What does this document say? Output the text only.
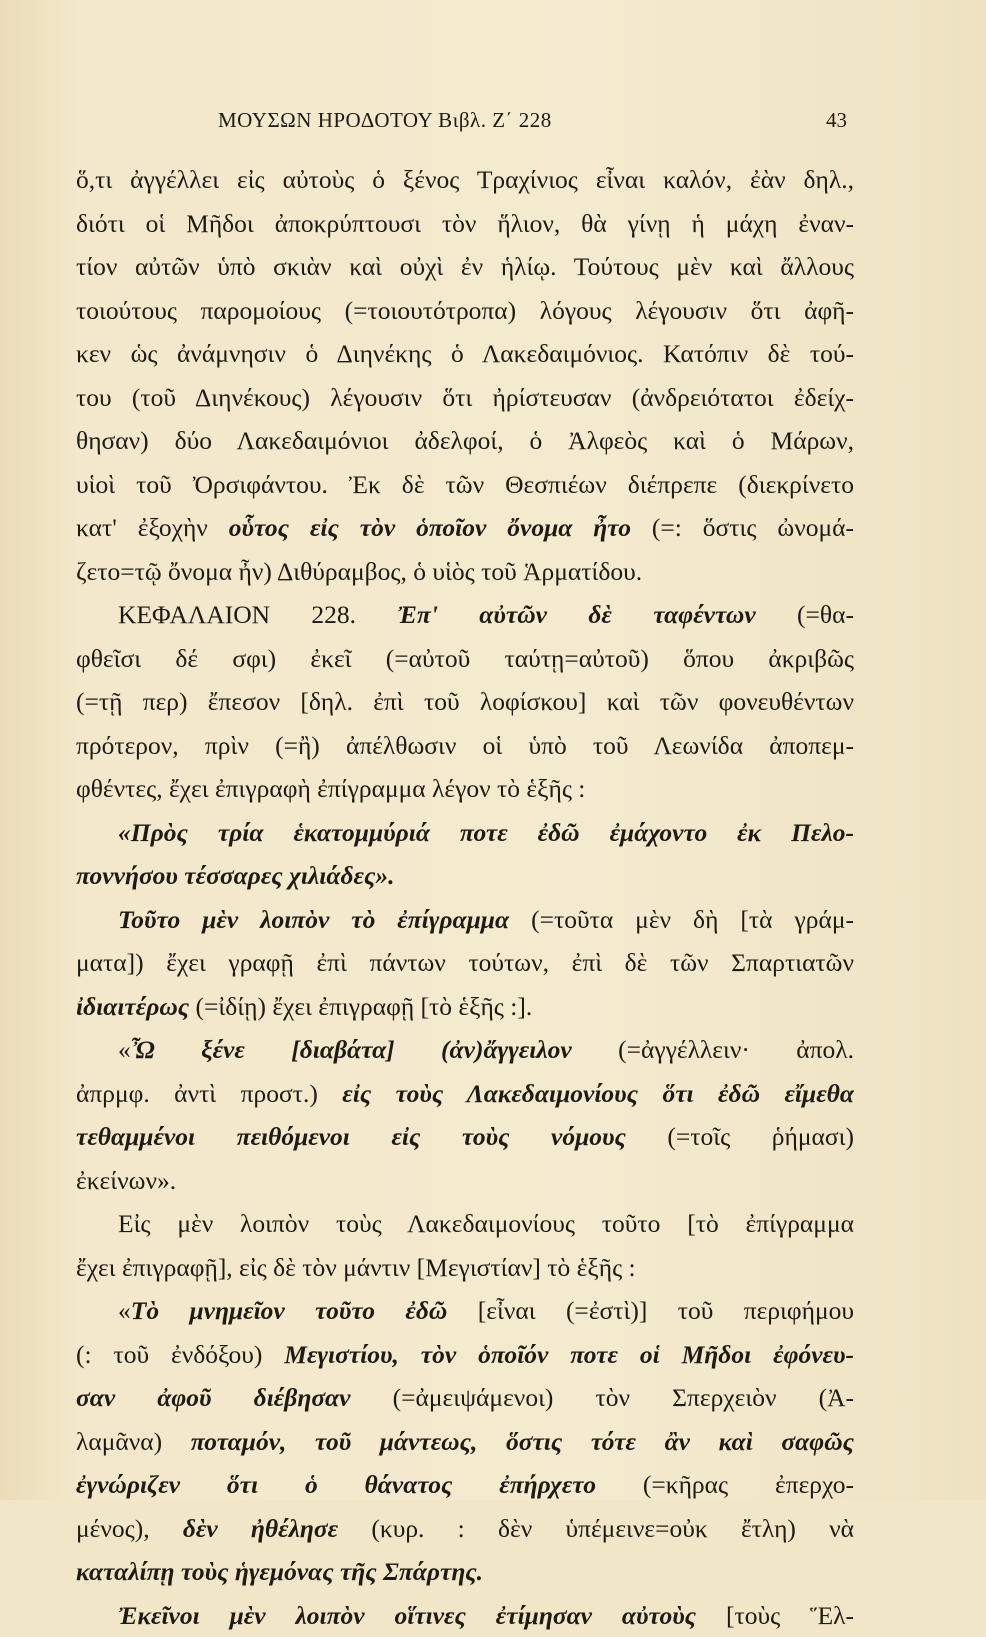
ΜΟΥΣΩΝ ΗΡΟΔΟΤΟΥ Βιβλ. Ζ΄ 228	43
ὅ,τι ἀγγέλλει εἰς αὐτοὺς ὁ ξένος Τραχίνιος εἶναι καλόν, ἐὰν δηλ.,
διότι οἱ Μῆδοι ἀποκρύπτουσι τὸν ἥλιον, θὰ γίνῃ ἡ μάχη ἐναν-
τίον αὐτῶν ὑπὸ σκιὰν καὶ οὐχὶ ἐν ἡλίῳ. Τούτους μὲν καὶ ἄλλους
τοιούτους παρομοίους (=τοιουτότροπα) λόγους λέγουσιν ὅτι ἀφῆ-
κεν ὡς ἀνάμνησιν ὁ Διηνέκης ὁ Λακεδαιμόνιος. Κατόπιν δὲ τού-
του (τοῦ Διηνέκους) λέγουσιν ὅτι ἠρίστευσαν (ἀνδρειότατοι ἐδείχ-
θησαν) δύο Λακεδαιμόνιοι ἀδελφοί, ὁ Ἀλφεὸς καὶ ὁ Μάρων,
υἱοὶ τοῦ Ὀρσιφάντου. Ἐκ δὲ τῶν Θεσπιέων διέπρεπε (διεκρίνετο
κατ' ἐξοχὴν οὗτος εἰς τὸν ὁποῖον ὄνομα ἦτο (=: ὅστις ὠνομά-
ζετο=τῷ ὄνομα ἦν) Διθύραμβος, ὁ υἱὸς τοῦ Ἁρματίδου.
ΚΕΦΑΛΑΙΟΝ 228. Ἐπ' αὐτῶν δὲ ταφέντων (=θα-
φθεῖσι δέ σφι) ἐκεῖ (=αὐτοῦ ταύτῃ=αὐτοῦ) ὅπου ἀκριβῶς
(=τῇ περ) ἔπεσον [δηλ. ἐπὶ τοῦ λοφίσκου] καὶ τῶν φονευθέντων
πρότερον, πρὶν (=ἢ) ἀπέλθωσιν οἱ ὑπὸ τοῦ Λεωνίδα ἀποπεμ-
φθέντες, ἔχει ἐπιγραφὴ ἐπίγραμμα λέγον τὸ ἑξῆς :
«Πρὸς τρία ἑκατομμύριά ποτε ἐδῶ ἐμάχοντο ἐκ Πελο-
ποννήσου τέσσαρες χιλιάδες».
Τοῦτο μὲν λοιπὸν τὸ ἐπίγραμμα (=τοῦτα μὲν δὴ [τὰ γράμ-
ματα]) ἔχει γραφῇ ἐπὶ πάντων τούτων, ἐπὶ δὲ τῶν Σπαρτιατῶν
ἰδιαιτέρως (=ἰδίῃ) ἔχει ἐπιγραφῇ [τὸ ἑξῆς :].
«Ὦ ξένε [διαβάτα] (ἀν)ἄγγειλον (=ἀγγέλλειν· ἀπολ.
ἀπρμφ. ἀντὶ προστ.) εἰς τοὺς Λακεδαιμονίους ὅτι ἐδῶ εἴμεθα
τεθαμμένοι πειθόμενοι εἰς τοὺς νόμους (=τοῖς ῥήμασι)
ἐκείνων».
Εἰς μὲν λοιπὸν τοὺς Λακεδαιμονίους τοῦτο [τὸ ἐπίγραμμα
ἔχει ἐπιγραφῇ], εἰς δὲ τὸν μάντιν [Μεγιστίαν] τὸ ἑξῆς :
«Τὸ μνημεῖον τοῦτο ἐδῶ [εἶναι (=ἐστὶ)] τοῦ περιφήμου
(: τοῦ ἐνδόξου) Μεγιστίου, τὸν ὁποῖόν ποτε οἱ Μῆδοι ἐφόνευ-
σαν ἀφοῦ διέβησαν (=ἀμειψάμενοι) τὸν Σπερχειὸν (Ἀ-
λαμᾶνα) ποταμόν, τοῦ μάντεως, ὅστις τότε ἂν καὶ σαφῶς
ἐγνώριζεν ὅτι ὁ θάνατος ἐπήρχετο (=κῆρας ἐπερχο-
μένος), δὲν ἠθέλησε (κυρ. : δὲν ὑπέμεινε=οὐκ ἔτλη) νὰ
καταλίπῃ τοὺς ἡγεμόνας τῆς Σπάρτης.
Ἐκεῖνοι μὲν λοιπὸν οἵτινες ἐτίμησαν αὐτοὺς [τοὺς Ἕλ-
